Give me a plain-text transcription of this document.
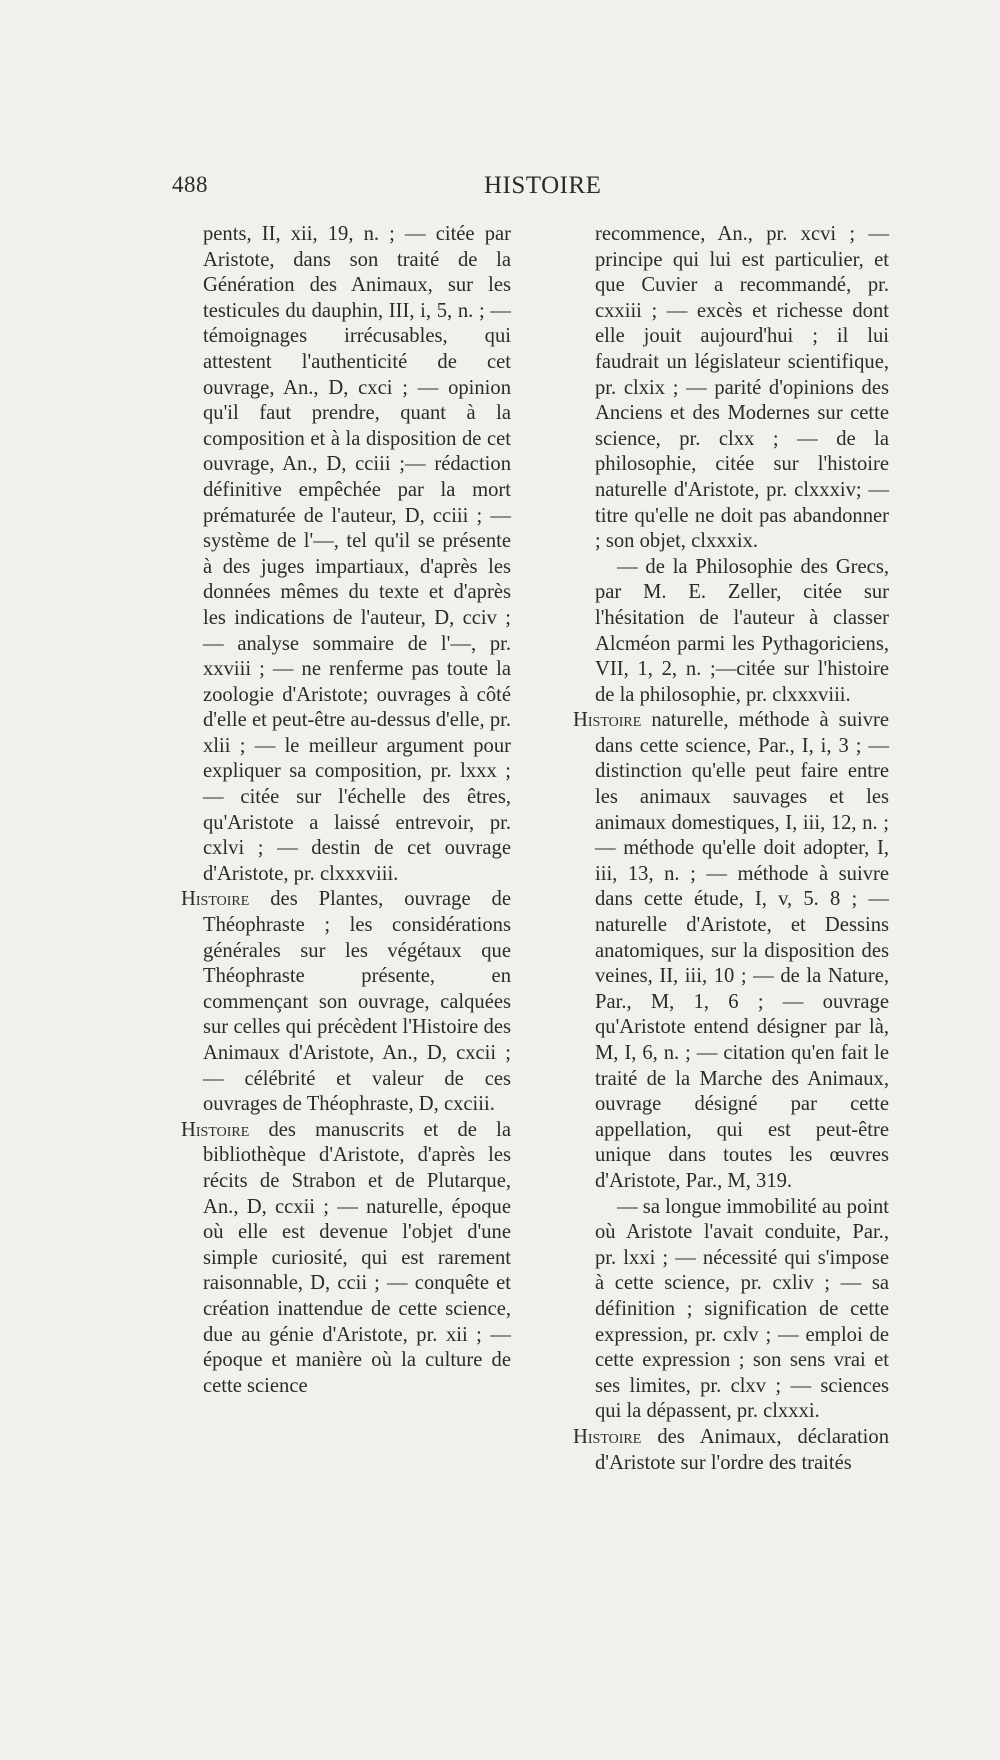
488	HISTOIRE

pents, II, xii, 19, n. ; — citée par Aristote, dans son traité de la Génération des Animaux, sur les testicules du dauphin, III, i, 5, n. ; — témoignages irrécusables, qui attestent l'authenticité de cet ouvrage, An., D, cxci ; — opinion qu'il faut prendre, quant à la composition et à la disposition de cet ouvrage, An., D, cciii ;— rédaction définitive empêchée par la mort prématurée de l'auteur, D, cciii ; — système de l'—, tel qu'il se présente à des juges impartiaux, d'après les données mêmes du texte et d'après les indications de l'auteur, D, cciv ; — analyse sommaire de l'—, pr. xxviii ; — ne renferme pas toute la zoologie d'Aristote; ouvrages à côté d'elle et peut-être au-dessus d'elle, pr. xlii ; — le meilleur argument pour expliquer sa composition, pr. lxxx ; — citée sur l'échelle des êtres, qu'Aristote a laissé entrevoir, pr. cxlvi ; — destin de cet ouvrage d'Aristote, pr. clxxxviii.

Histoire des Plantes, ouvrage de Théophraste ; les considérations générales sur les végétaux que Théophraste présente, en commençant son ouvrage, calquées sur celles qui précèdent l'Histoire des Animaux d'Aristote, An., D, cxcii ; — célébrité et valeur de ces ouvrages de Théophraste, D, cxciii.

Histoire des manuscrits et de la bibliothèque d'Aristote, d'après les récits de Strabon et de Plutarque, An., D, ccxii ; — naturelle, époque où elle est devenue l'objet d'une simple curiosité, qui est rarement raisonnable, D, ccii ; — conquête et création inattendue de cette science, due au génie d'Aristote, pr. xii ; — époque et manière où la culture de cette science

recommence, An., pr. xcvi ; — principe qui lui est particulier, et que Cuvier a recommandé, pr. cxxiii ; — excès et richesse dont elle jouit aujourd'hui ; il lui faudrait un législateur scientifique, pr. clxix ; — parité d'opinions des Anciens et des Modernes sur cette science, pr. clxx ; — de la philosophie, citée sur l'histoire naturelle d'Aristote, pr. clxxxiv; — titre qu'elle ne doit pas abandonner ; son objet, clxxxix.

— de la Philosophie des Grecs, par M. E. Zeller, citée sur l'hésitation de l'auteur à classer Alcméon parmi les Pythagoriciens, VII, 1, 2, n. ;—citée sur l'histoire de la philosophie, pr. clxxxviii.

Histoire naturelle, méthode à suivre dans cette science, Par., I, i, 3 ; — distinction qu'elle peut faire entre les animaux sauvages et les animaux domestiques, I, iii, 12, n. ; — méthode qu'elle doit adopter, I, iii, 13, n. ; — méthode à suivre dans cette étude, I, v, 5. 8 ; — naturelle d'Aristote, et Dessins anatomiques, sur la disposition des veines, II, iii, 10 ; — de la Nature, Par., M, 1, 6 ; — ouvrage qu'Aristote entend désigner par là, M, I, 6, n. ; — citation qu'en fait le traité de la Marche des Animaux, ouvrage désigné par cette appellation, qui est peut-être unique dans toutes les œuvres d'Aristote, Par., M, 319.

— sa longue immobilité au point où Aristote l'avait conduite, Par., pr. lxxi ; — nécessité qui s'impose à cette science, pr. cxliv ; — sa définition ; signification de cette expression, pr. cxlv ; — emploi de cette expression ; son sens vrai et ses limites, pr. clxv ; — sciences qui la dépassent, pr. clxxxi.

Histoire des Animaux, déclaration d'Aristote sur l'ordre des traités
